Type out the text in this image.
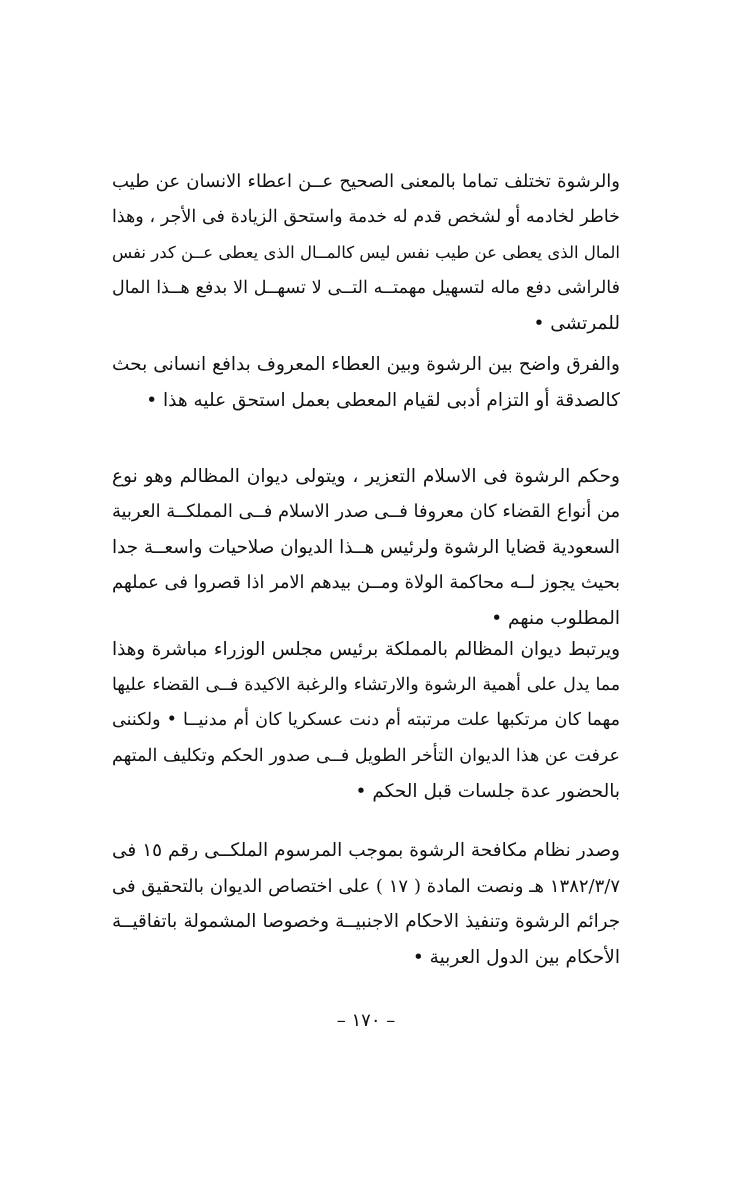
والرشوة تختلف تماما بالمعنى الصحيح عــن اعطاء الانسان عن طيب
خاطر لخادمه أو لشخص قدم له خدمة واستحق الزيادة فى الأجر ، وهذا
المال الذى يعطى عن طيب نفس ليس كالمــال الذى يعطى عــن كدر نفس
فالراشى دفع ماله لتسهيل مهمتــه التــى لا تسهــل الا بدفع هــذا المال
للمرتشى •
والفرق واضح بين الرشوة وبين العطاء المعروف بدافع انسانى بحث
كالصدقة أو التزام أدبى لقيام المعطى بعمل استحق عليه هذا •
وحكم الرشوة فى الاسلام التعزير ، ويتولى ديوان المظالم وهو نوع
من أنواع القضاء كان معروفا فــى صدر الاسلام فــى المملكــة العربية
السعودية قضايا الرشوة ولرئيس هــذا الديوان صلاحيات واسعــة جدا
بحيث يجوز لــه محاكمة الولاة ومــن بيدهم الامر اذا قصروا فى عملهم
المطلوب منهم •
ويرتبط ديوان المظالم بالمملكة برئيس مجلس الوزراء مباشرة وهذا
مما يدل على أهمية الرشوة والارتشاء والرغبة الاكيدة فــى القضاء عليها
مهما كان مرتكبها علت مرتبته أم دنت عسكريا كان أم مدنيــا • ولكننى
عرفت عن هذا الديوان التأخر الطويل فــى صدور الحكم وتكليف المتهم
بالحضور عدة جلسات قبل الحكم •
وصدر نظام مكافحة الرشوة بموجب المرسوم الملكــى رقم ١٥ فى
١٣٨٢/٣/٧ هـ ونصت المادة ( ١٧ ) على اختصاص الديوان بالتحقيق فى
جرائم الرشوة وتنفيذ الاحكام الاجنبيــة وخصوصا المشمولة باتفاقيــة
الأحكام بين الدول العربية •
– ١٧٠ –
